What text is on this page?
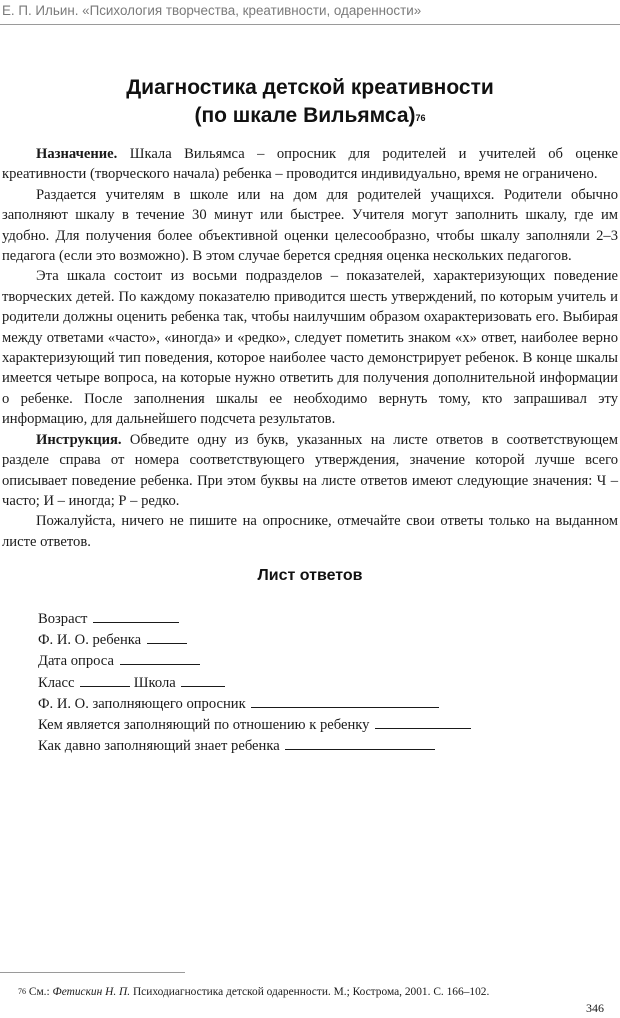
Е. П. Ильин. «Психология творчества, креативности, одаренности»
Диагностика детской креативности
(по шкале Вильямса)$^{76}$

Назначение. Шкала Вильямса – опросник для родителей и учителей об оценке креативности (творческого начала) ребенка – проводится индивидуально, время не ограничено.

Раздается учителям в школе или на дом для родителей учащихся. Родители обычно заполняют шкалу в течение 30 минут или быстрее. Учителя могут заполнить шкалу, где им удобно. Для получения более объективной оценки целесообразно, чтобы шкалу заполняли 2–3 педагога (если это возможно). В этом случае берется средняя оценка нескольких педагогов.

Эта шкала состоит из восьми подразделов – показателей, характеризующих поведение творческих детей. По каждому показателю приводится шесть утверждений, по которым учитель и родители должны оценить ребенка так, чтобы наилучшим образом охарактеризовать его. Выбирая между ответами «часто», «иногда» и «редко», следует пометить знаком «х» ответ, наиболее верно характеризующий тип поведения, которое наиболее часто демонстрирует ребенок. В конце шкалы имеется четыре вопроса, на которые нужно ответить для получения дополнительной информации о ребенке. После заполнения шкалы ее необходимо вернуть тому, кто запрашивал эту информацию, для дальнейшего подсчета результатов.

Инструкция. Обведите одну из букв, указанных на листе ответов в соответствующем разделе справа от номера соответствующего утверждения, значение которой лучше всего описывает поведение ребенка. При этом буквы на листе ответов имеют следующие значения: Ч – часто; И – иногда; Р – редко.

Пожалуйста, ничего не пишите на опроснике, отмечайте свои ответы только на выданном листе ответов.

Лист ответов
Возраст
Ф. И. О. ребенка
Дата опроса
Класс	Школа
Ф. И. О. заполняющего опросник
Кем является заполняющий по отношению к ребенку
Как давно заполняющий знает ребенка
$^{76}$ См.: Фетискин Н. П. Психодиагностика детской одаренности. М.; Кострома, 2001. С. 166–102.
346
